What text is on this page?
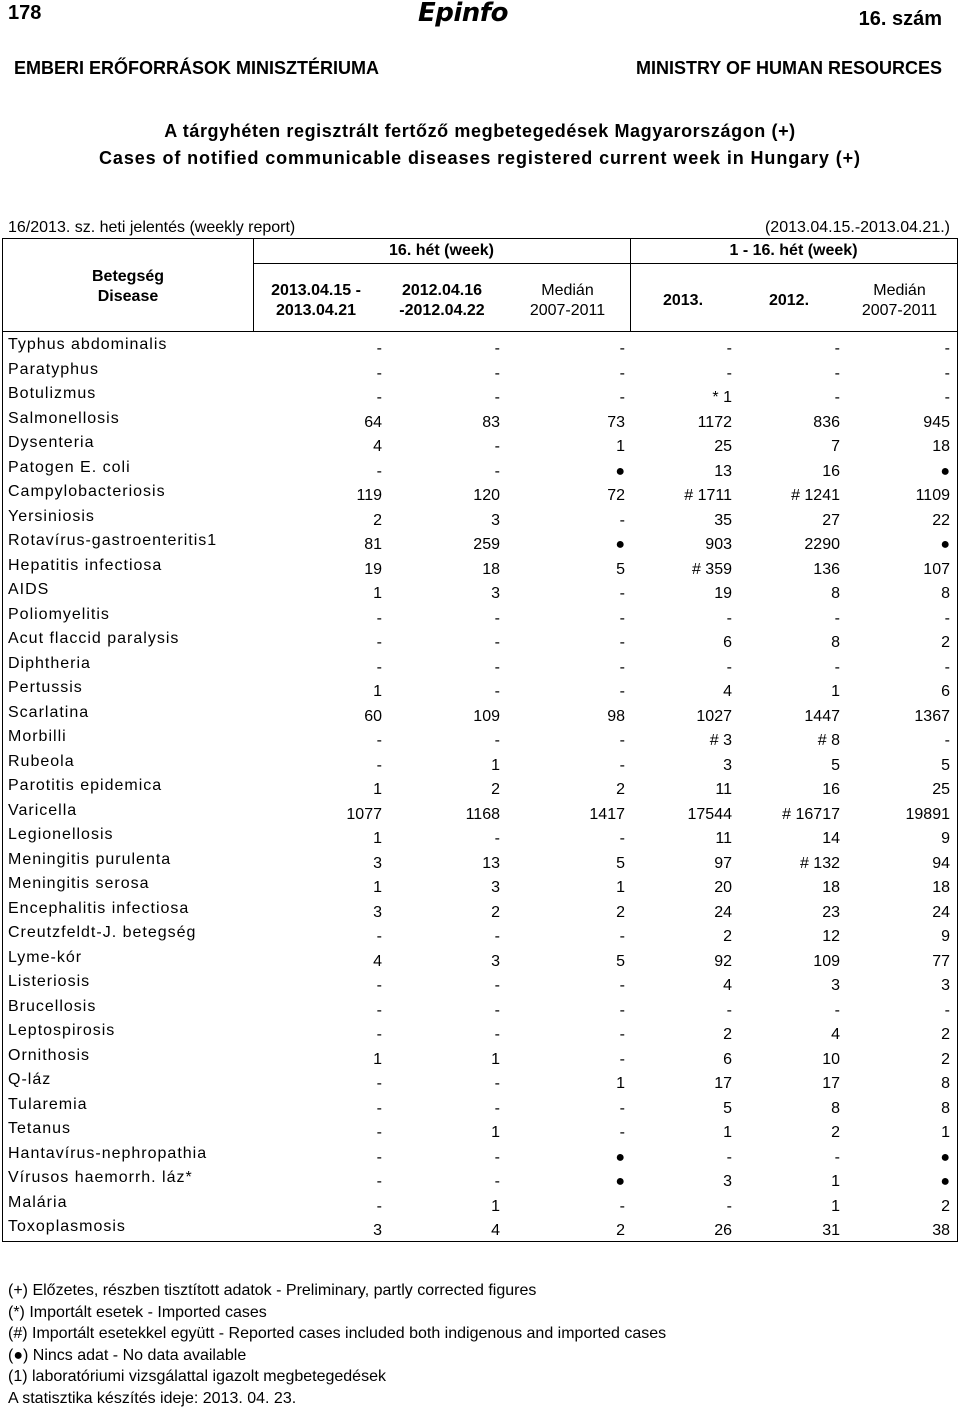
178	Epinfo	16. szám
EMBERI ERŐFORRÁSOK MINISZTÉRIUMA	MINISTRY OF HUMAN RESOURCES
A tárgyhéten regisztrált fertőző megbetegedések Magyarországon (+)
Cases of notified communicable diseases registered current week in Hungary (+)
16/2013. sz. heti jelentés (weekly report)	(2013.04.15.-2013.04.21.)
Betegség
Disease
16. hét (week)	1 - 16. hét (week)
2013.04.15 -
2013.04.21
2012.04.16
-2012.04.22
Medián
2007-2011
2013.	2012.
Medián
2007-2011
Typhus abdominalis	-	-	-	-	-	-
Paratyphus	-	-	-	-	-	-
Botulizmus	-	-	-	* 1	-	-
Salmonellosis	64	83	73	1172	836	945
Dysenteria	4	-	1	25	7	18
Patogen E. coli	-	-	●	13	16	●
Campylobacteriosis	119	120	72	# 1711	# 1241	1109
Yersiniosis	2	3	-	35	27	22
Rotavírus-gastroenteritis1	81	259	●	903	2290	●
Hepatitis infectiosa	19	18	5	# 359	136	107
AIDS	1	3	-	19	8	8
Poliomyelitis	-	-	-	-	-	-
Acut flaccid paralysis	-	-	-	6	8	2
Diphtheria	-	-	-	-	-	-
Pertussis	1	-	-	4	1	6
Scarlatina	60	109	98	1027	1447	1367
Morbilli	-	-	-	# 3	# 8	-
Rubeola	-	1	-	3	5	5
Parotitis epidemica	1	2	2	11	16	25
Varicella	1077	1168	1417	17544	# 16717	19891
Legionellosis	1	-	-	11	14	9
Meningitis purulenta	3	13	5	97	# 132	94
Meningitis serosa	1	3	1	20	18	18
Encephalitis infectiosa	3	2	2	24	23	24
Creutzfeldt-J. betegség	-	-	-	2	12	9
Lyme-kór	4	3	5	92	109	77
Listeriosis	-	-	-	4	3	3
Brucellosis	-	-	-	-	-	-
Leptospirosis	-	-	-	2	4	2
Ornithosis	1	1	-	6	10	2
Q-láz	-	-	1	17	17	8
Tularemia	-	-	-	5	8	8
Tetanus	-	1	-	1	2	1
Hantavírus-nephropathia	-	-	●	-	-	●
Vírusos haemorrh. láz*	-	-	●	3	1	●
Malária	-	1	-	-	1	2
Toxoplasmosis	3	4	2	26	31	38
(+) Előzetes, részben tisztított adatok - Preliminary, partly corrected figures
(*) Importált esetek - Imported cases
(#) Importált esetekkel együtt - Reported cases included both indigenous and imported cases
(●) Nincs adat - No data available
(1) laboratóriumi vizsgálattal igazolt megbetegedések
A statisztika készítés ideje: 2013. 04. 23.
